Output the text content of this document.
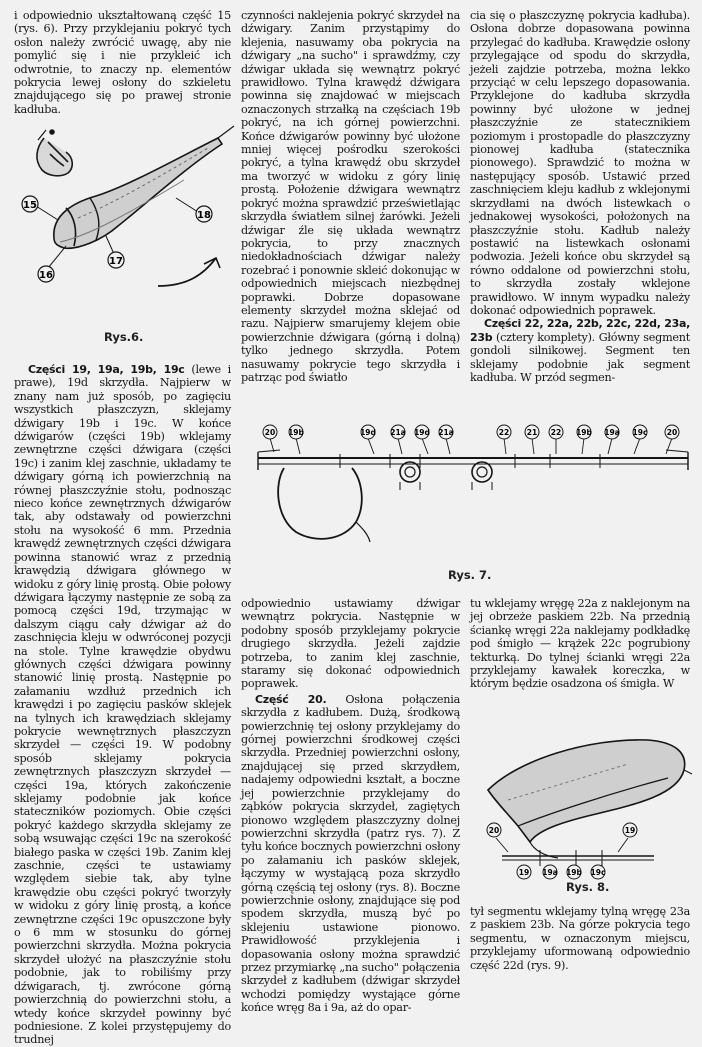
i odpowiednio ukształtowaną część 15 (rys. 6). Przy przyklejaniu pokryć tych osłon należy zwrócić uwagę, aby nie pomylić się i nie przykleić ich odwrotnie, to znaczy np. elementów pokrycia lewej osłony do szkieletu znajdującego się po prawej stronie kadłuba.

15
16
17
18
Rys.6.

Części 19, 19a, 19b, 19c (lewe i prawe), 19d skrzydła. Najpierw w znany nam już sposób, po zagięciu wszystkich płaszczyzn, sklejamy dźwigary 19b i 19c. W końce dźwigarów (części 19b) wklejamy zewnętrzne części dźwigara (części 19c) i zanim klej zaschnie, układamy te dźwigary górną ich powierzchnią na równej płaszczyźnie stołu, podnosząc nieco końce zewnętrznych dźwigarów tak, aby odstawały od powierzchni stołu na wysokość 6 mm. Przednia krawędź zewnętrznych części dźwigara powinna stanowić wraz z przednią krawędzią dźwigara głównego w widoku z góry linię prostą. Obie połowy dźwigara łączymy następnie ze sobą za pomocą części 19d, trzymając w dalszym ciągu cały dźwigar aż do zaschnięcia kleju w odwróconej pozycji na stole. Tylne krawędzie obydwu głównych części dźwigara powinny stanowić linię prostą. Następnie po załamaniu wzdłuż przednich ich krawędzi i po zagięciu pasków sklejek na tylnych ich krawędziach sklejamy pokrycie wewnętrznych płaszczyzn skrzydeł — części 19. W podobny sposób sklejamy pokrycia zewnętrznych płaszczyzn skrzydeł — części 19a, których zakończenie sklejamy podobnie jak końce stateczników poziomych. Obie części pokryć każdego skrzydła sklejamy ze sobą wsuwając części 19c na szerokość białego paska w części 19b. Zanim klej zaschnie, części te ustawiamy względem siebie tak, aby tylne krawędzie obu części pokryć tworzyły w widoku z góry linię prostą, a końce zewnętrzne części 19c opuszczone były o 6 mm w stosunku do górnej powierzchni skrzydła. Można pokrycia skrzydeł ułożyć na płaszczyźnie stołu podobnie, jak to robiliśmy przy dźwigarach, tj. zwrócone górną powierzchnią do powierzchni stołu, a wtedy końce skrzydeł powinny być podniesione. Z kolei przystępujemy do trudnej

czynności naklejenia pokryć skrzydeł na dźwigary. Zanim przystąpimy do klejenia, nasuwamy oba pokrycia na dźwigary „na sucho" i sprawdźmy, czy dźwigar układa się wewnątrz pokryć prawidłowo. Tylna krawędź dźwigara powinna się znajdować w miejscach oznaczonych strzałką na częściach 19b pokryć, na ich górnej powierzchni. Końce dźwigarów powinny być ułożone mniej więcej pośrodku szerokości pokryć, a tylna krawędź obu skrzydeł ma tworzyć w widoku z góry linię prostą. Położenie dźwigara wewnątrz pokryć można sprawdzić prześwietlając skrzydła światłem silnej żarówki. Jeżeli dźwigar źle się układa wewnątrz pokrycia, to przy znacznych niedokładnościach dźwigar należy rozebrać i ponownie skleić dokonując w odpowiednich miejscach niezbędnej poprawki. Dobrze dopasowane elementy skrzydeł można sklejać od razu. Najpierw smarujemy klejem obie powierzchnie dźwigara (górną i dolną) tylko jednego skrzydła. Potem nasuwamy pokrycie tego skrzydła i patrząc pod światło

cia się o płaszczyznę pokrycia kadłuba). Osłona dobrze dopasowana powinna przylegać do kadłuba. Krawędzie osłony przylegające od spodu do skrzydła, jeżeli zajdzie potrzeba, można lekko przyciąć w celu lepszego dopasowania. Przyklejone do kadłuba skrzydła powinny być ułożone w jednej płaszczyźnie ze statecznikiem poziomym i prostopadle do płaszczyzny pionowej kadłuba (statecznika pionowego). Sprawdzić to można w następujący sposób. Ustawić przed zaschnięciem kleju kadłub z wklejonymi skrzydłami na dwóch listewkach o jednakowej wysokości, położonych na płaszczyźnie stołu. Kadłub należy postawić na listewkach osłonami podwozia. Jeżeli końce obu skrzydeł są równo oddalone od powierzchni stołu, to skrzydła zostały wklejone prawidłowo. W innym wypadku należy dokonać odpowiednich poprawek.

Części 22, 22a, 22b, 22c, 22d, 23a, 23b (cztery komplety). Główny segment gondoli silnikowej. Segment ten sklejamy podobnie jak segment kadłuba. W przód segmen-

20 19b	19d 21a 19d 21a	22 21 22 19b 19a 19c	20
Rys. 7.

odpowiednio ustawiamy dźwigar wewnątrz pokrycia. Następnie w podobny sposób przyklejamy pokrycie drugiego skrzydła. Jeżeli zajdzie potrzeba, to zanim klej zaschnie, staramy się dokonać odpowiednich poprawek.

Część 20. Osłona połączenia skrzydła z kadłubem. Dużą, środkową powierzchnię tej osłony przyklejamy do górnej powierzchni środkowej części skrzydła. Przedniej powierzchni osłony, znajdującej się przed skrzydłem, nadajemy odpowiedni kształt, a boczne jej powierzchnie przyklejamy do ząbków pokrycia skrzydeł, zagiętych pionowo względem płaszczyzny dolnej powierzchni skrzydła (patrz rys. 7). Z tyłu końce bocznych powierzchni osłony po załamaniu ich pasków sklejek, łączymy w wystającą poza skrzydło górną częścią tej osłony (rys. 8). Boczne powierzchnie osłony, znajdujące się pod spodem skrzydła, muszą być po sklejeniu ustawione pionowo. Prawidłowość przyklejenia i dopasowania osłony można sprawdzić przez przymiarkę „na sucho" połączenia skrzydeł z kadłubem (dźwigar skrzydeł wchodzi pomiędzy wystające górne końce wręg 8a i 9a, aż do opar-

tu wklejamy wręgę 22a z naklejonym na jej obrzeże paskiem 22b. Na przednią ściankę wręgi 22a naklejamy podkładkę pod śmigło — krążek 22c pogrubiony tekturką. Do tylnej ścianki wręgi 22a przyklejamy kawałek koreczka, w którym będzie osadzona oś śmigła. W

20
19 19a 19b 19c
19
Rys. 8.

tył segmentu wklejamy tylną wręgę 23a z paskiem 23b. Na górze pokrycia tego segmentu, w oznaczonym miejscu, przyklejamy uformowaną odpowiednio część 22d (rys. 9).
